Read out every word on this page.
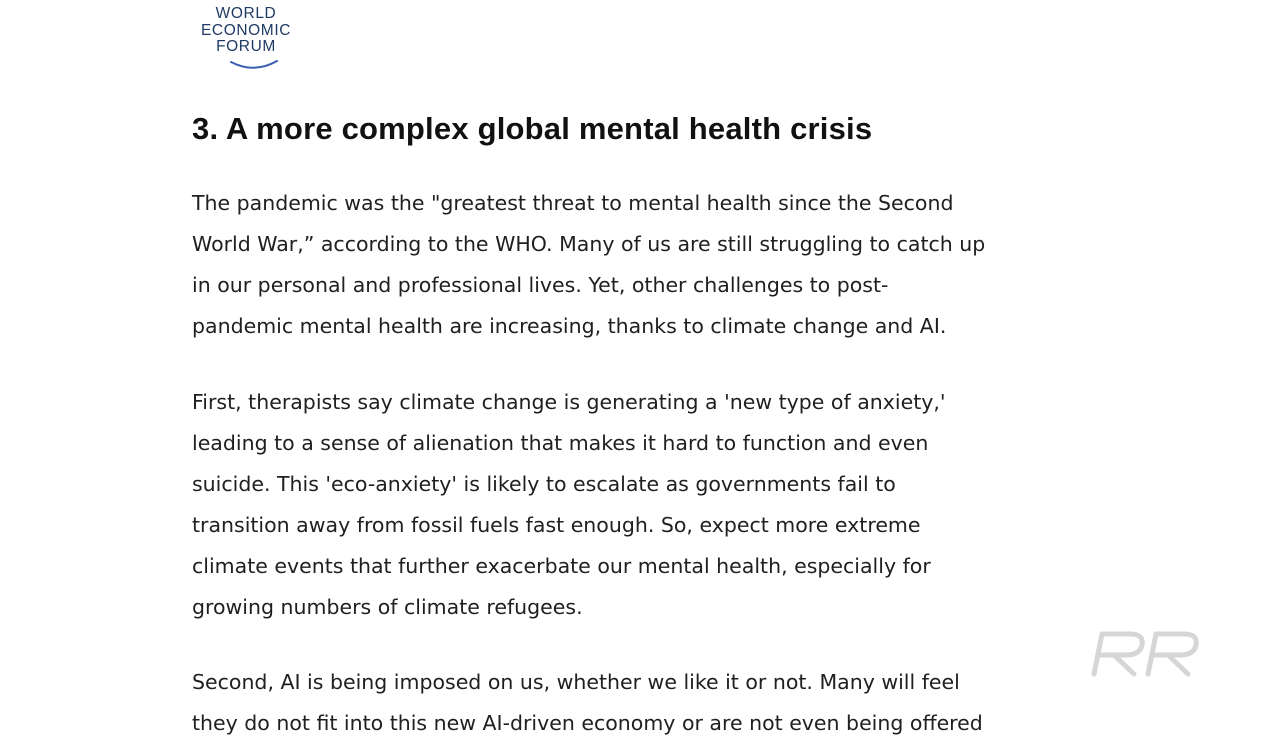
WORLD
ECONOMIC
FORUM
3. A more complex global mental health crisis
The pandemic was the "greatest threat to mental health since the Second
World War,” according to the WHO. Many of us are still struggling to catch up
in our personal and professional lives. Yet, other challenges to post-
pandemic mental health are increasing, thanks to climate change and AI.
First, therapists say climate change is generating a 'new type of anxiety,'
leading to a sense of alienation that makes it hard to function and even
suicide. This 'eco-anxiety' is likely to escalate as governments fail to
transition away from fossil fuels fast enough. So, expect more extreme
climate events that further exacerbate our mental health, especially for
growing numbers of climate refugees.
Second, AI is being imposed on us, whether we like it or not. Many will feel
they do not fit into this new AI-driven economy or are not even being offered
